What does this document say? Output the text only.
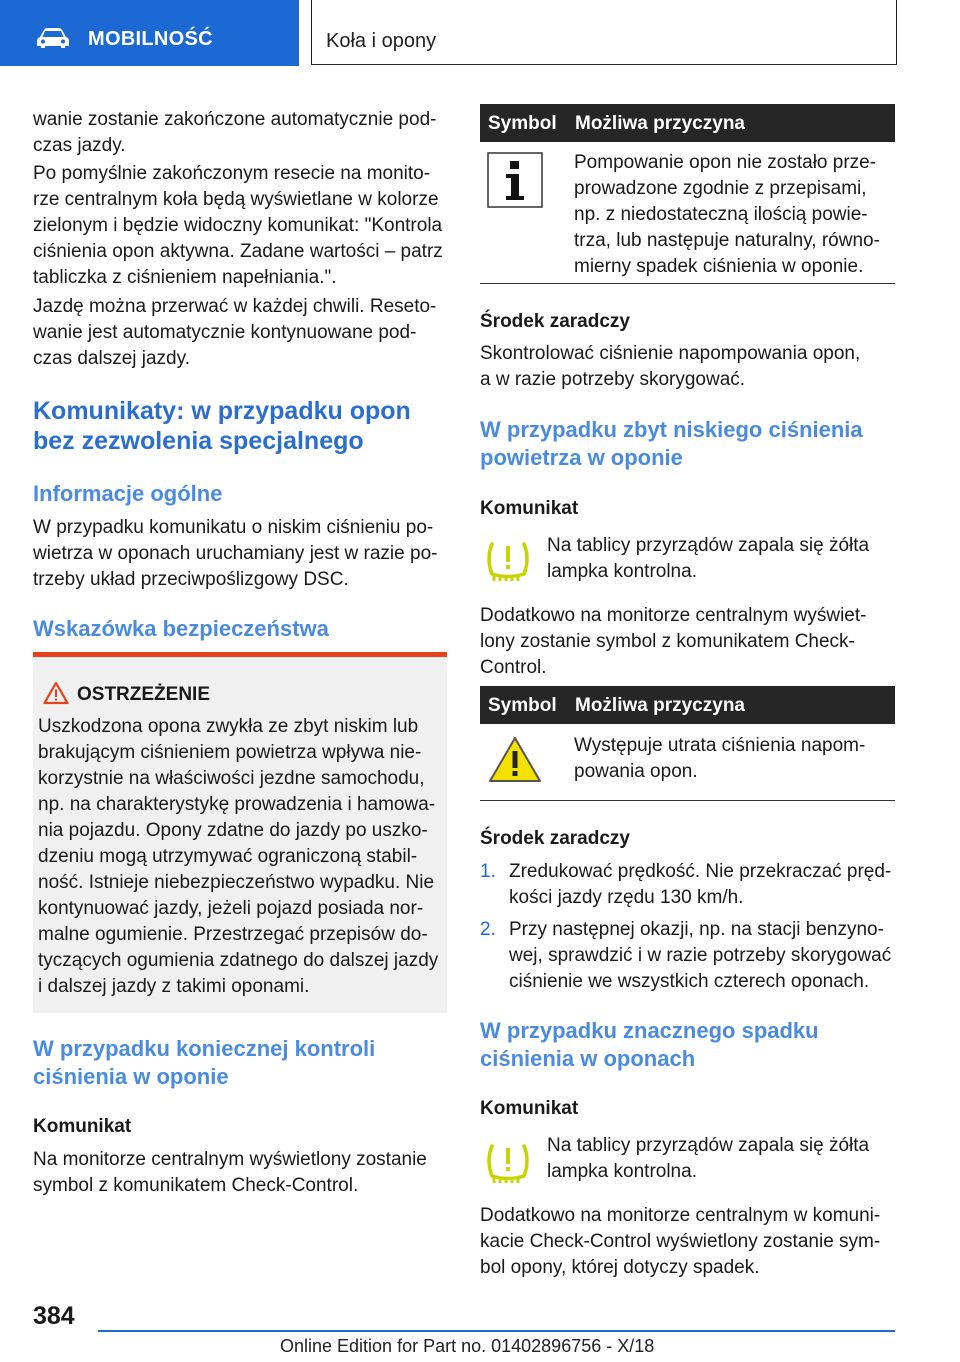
MOBILNOŚĆ	Koła i opony

wanie zostanie zakończone automatycznie pod‐
czas jazdy.

Po pomyślnie zakończonym resecie na monito‐
rze centralnym koła będą wyświetlane w kolorze
zielonym i będzie widoczny komunikat: "Kontrola
ciśnienia opon aktywna. Zadane wartości – patrz
tabliczka z ciśnieniem napełniania.".

Jazdę można przerwać w każdej chwili. Reseto‐
wanie jest automatycznie kontynuowane pod‐
czas dalszej jazdy.

Komunikaty: w przypadku opon
bez zezwolenia specjalnego
Informacje ogólne

W przypadku komunikatu o niskim ciśnieniu po‐
wietrza w oponach uruchamiany jest w razie po‐
trzeby układ przeciwpoślizgowy DSC.

Wskazówka bezpieczeństwa
OSTRZEŻENIE

Uszkodzona opona zwykła ze zbyt niskim lub
brakującym ciśnieniem powietrza wpływa nie‐
korzystnie na właściwości jezdne samochodu,
np. na charakterystykę prowadzenia i hamowa‐
nia pojazdu. Opony zdatne do jazdy po uszko‐
dzeniu mogą utrzymywać ograniczoną stabil‐
ność. Istnieje niebezpieczeństwo wypadku. Nie
kontynuować jazdy, jeżeli pojazd posiada nor‐
malne ogumienie. Przestrzegać przepisów do‐
tyczących ogumienia zdatnego do dalszej jazdy
i dalszej jazdy z takimi oponami.

W przypadku koniecznej kontroli
ciśnienia w oponie
Komunikat

Na monitorze centralnym wyświetlony zostanie
symbol z komunikatem Check-Control.

Symbol Możliwa przyczyna

Pompowanie opon nie zostało prze‐
prowadzone zgodnie z przepisami,
np. z niedostateczną ilością powie‐
trza, lub następuje naturalny, równo‐
mierny spadek ciśnienia w oponie.

Środek zaradczy

Skontrolować ciśnienie napompowania opon,
a w razie potrzeby skorygować.

W przypadku zbyt niskiego ciśnienia
powietrza w oponie
Komunikat

Na tablicy przyrządów zapala się żółta
lampka kontrolna.

Dodatkowo na monitorze centralnym wyświet‐
lony zostanie symbol z komunikatem Check-
Control.

Symbol Możliwa przyczyna

Występuje utrata ciśnienia napom‐
powania opon.

Środek zaradczy
1. Zredukować prędkość. Nie przekraczać pręd‐
kości jazdy rzędu 130 km/h.

2. Przy następnej okazji, np. na stacji benzyno‐
wej, sprawdzić i w razie potrzeby skorygować
ciśnienie we wszystkich czterech oponach.

W przypadku znacznego spadku
ciśnienia w oponach
Komunikat

Na tablicy przyrządów zapala się żółta
lampka kontrolna.

Dodatkowo na monitorze centralnym w komuni‐
kacie Check-Control wyświetlony zostanie sym‐
bol opony, której dotyczy spadek.

384
Online Edition for Part no. 01402896756 - X/18
